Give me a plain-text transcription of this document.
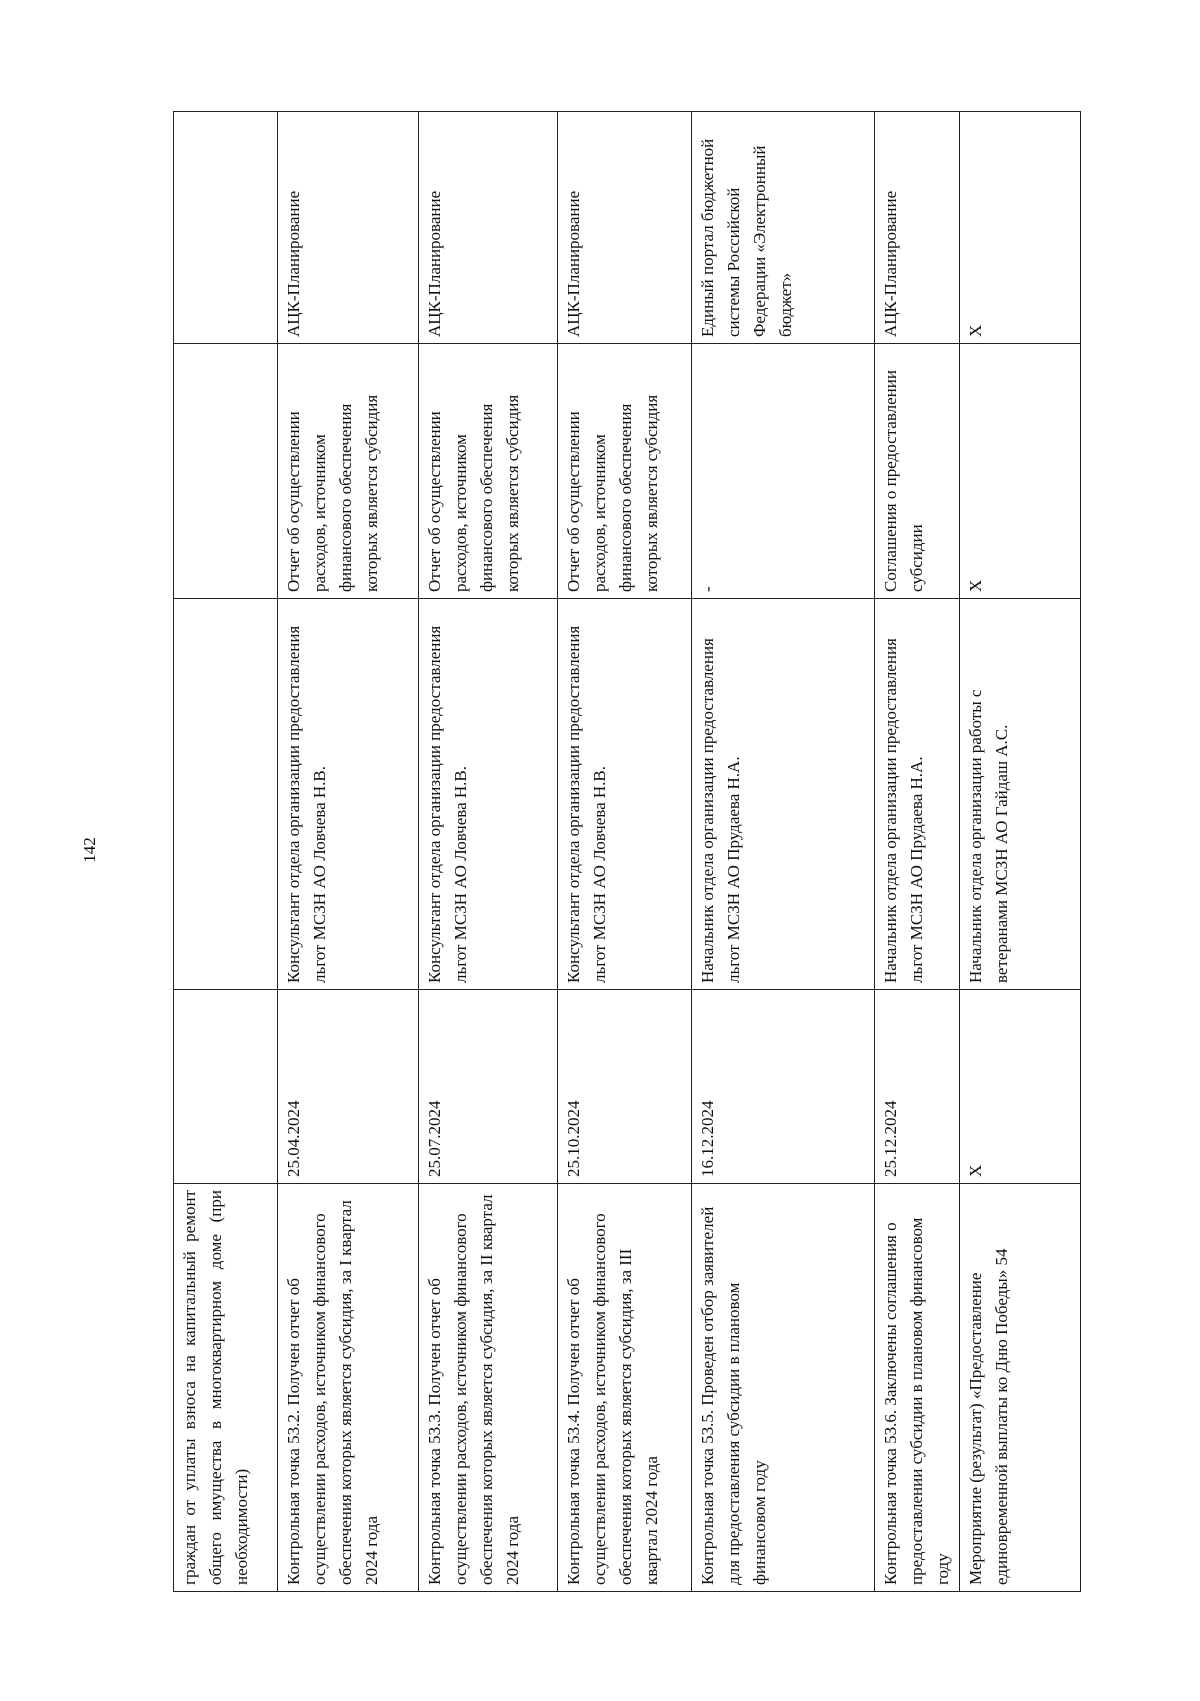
142
граждан от уплаты взноса на капитальный ремонт общего имущества в многоквартирном доме (при необходимости)				

Контрольная точка 53.2. Получен отчет об осуществлении расходов, источником финансового обеспечения которых является субсидия, за I квартал 2024 года	25.04.2024	Консультант отдела организации предоставления льгот МСЗН АО Ловчева Н.В.	Отчет об осуществлении расходов, источником финансового обеспечения которых является субсидия	АЦК-Планирование

Контрольная точка 53.3. Получен отчет об осуществлении расходов, источником финансового обеспечения которых является субсидия, за II квартал 2024 года	25.07.2024	Консультант отдела организации предоставления льгот МСЗН АО Ловчева Н.В.	Отчет об осуществлении расходов, источником финансового обеспечения которых является субсидия	АЦК-Планирование

Контрольная точка 53.4. Получен отчет об осуществлении расходов, источником финансового обеспечения которых является субсидия, за III квартал 2024 года	25.10.2024	Консультант отдела организации предоставления льгот МСЗН АО Ловчева Н.В.	Отчет об осуществлении расходов, источником финансового обеспечения которых является субсидия	АЦК-Планирование

Контрольная точка 53.5. Проведен отбор заявителей для предоставления субсидии в плановом финансовом году	16.12.2024	Начальник отдела организации предоставления льгот МСЗН АО Прудаева Н.А.	-	Единый портал бюджетной системы Российской Федерации «Электронный бюджет»

Контрольная точка 53.6. Заключены соглашения о предоставлении субсидии в плановом финансовом году	25.12.2024	Начальник отдела организации предоставления льгот МСЗН АО Прудаева Н.А.	Соглашения о предоставлении субсидии	АЦК-Планирование

Мероприятие (результат) «Предоставление единовременной выплаты ко Дню Победы» 54	Х	Начальник отдела организации работы с ветеранами МСЗН АО Гайдаш А.С.	Х	Х
